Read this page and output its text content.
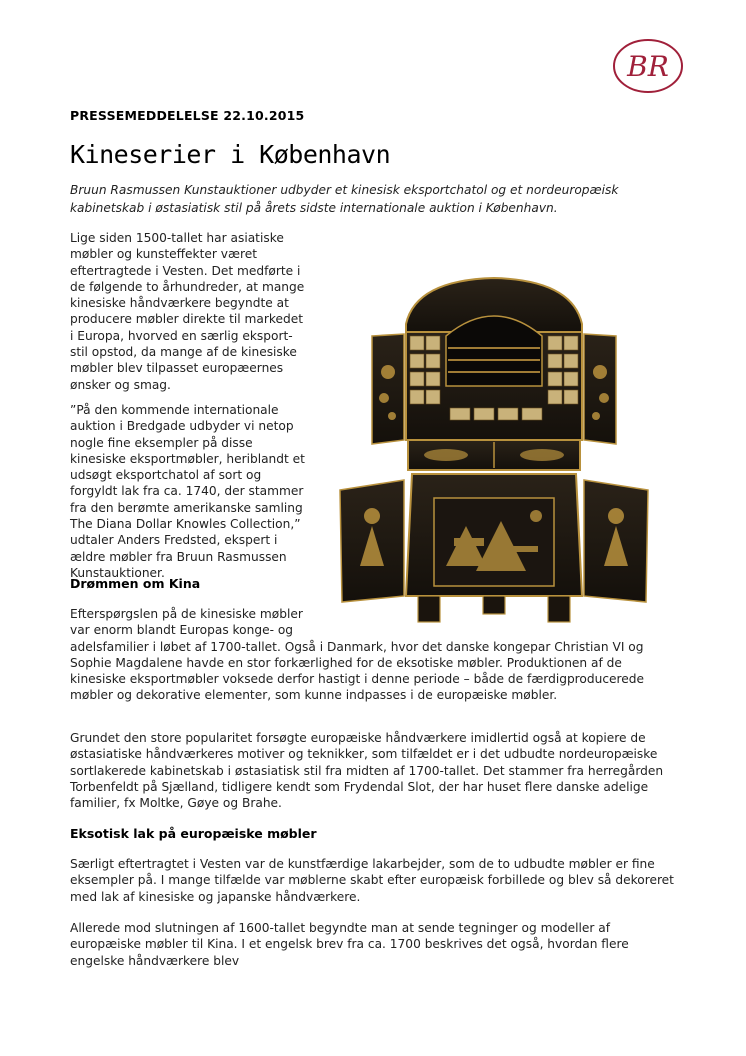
BR
PRESSEMEDDELELSE 22.10.2015
Kineserier i København

Bruun Rasmussen Kunstauktioner udbyder et kinesisk eksportchatol og et nordeuropæisk kabinetskab i østasiatisk stil på årets sidste internationale auktion i København.

Lige siden 1500-tallet har asiatiske møbler og kunsteffekter været eftertragtede i Vesten. Det medførte i de følgende to århundreder, at mange kinesiske håndværkere begyndte at producere møbler direkte til markedet i Europa, hvorved en særlig eksport-stil opstod, da mange af de kinesiske møbler blev tilpasset europæernes ønsker og smag.

”På den kommende internationale auktion i Bredgade udbyder vi netop nogle fine eksempler på disse kinesiske eksportmøbler, heriblandt et udsøgt eksportchatol af sort og forgyldt lak fra ca. 1740, der stammer fra den berømte amerikanske samling The Diana Dollar Knowles Collection,” udtaler Anders Fredsted, ekspert i ældre møbler fra Bruun Rasmussen Kunstauktioner.

Drømmen om Kina
Efterspørgslen på de kinesiske møbler var enorm blandt Europas konge- og adelsfamilier i løbet af 1700-tallet. Også i Danmark, hvor det danske kongepar Christian VI og Sophie Magdalene havde en stor forkærlighed for de eksotiske møbler. Produktionen af de kinesiske eksportmøbler voksede derfor hastigt i denne periode – både de færdigproducerede møbler og dekorative elementer, som kunne indpasses i de europæiske møbler.

Grundet den store popularitet forsøgte europæiske håndværkere imidlertid også at kopiere de østasiatiske håndværkeres motiver og teknikker, som tilfældet er i det udbudte nordeuropæiske sortlakerede kabinetskab i østasiatisk stil fra midten af 1700-tallet. Det stammer fra herregården Torbenfeldt på Sjælland, tidligere kendt som Frydendal Slot, der har huset flere danske adelige familier, fx Moltke, Gøye og Brahe.

Eksotisk lak på europæiske møbler

Særligt eftertragtet i Vesten var de kunstfærdige lakarbejder, som de to udbudte møbler er fine eksempler på. I mange tilfælde var møblerne skabt efter europæisk forbillede og blev så dekoreret med lak af kinesiske og japanske håndværkere.

Allerede mod slutningen af 1600-tallet begyndte man at sende tegninger og modeller af europæiske møbler til Kina. I et engelsk brev fra ca. 1700 beskrives det også, hvordan flere engelske håndværkere blev
